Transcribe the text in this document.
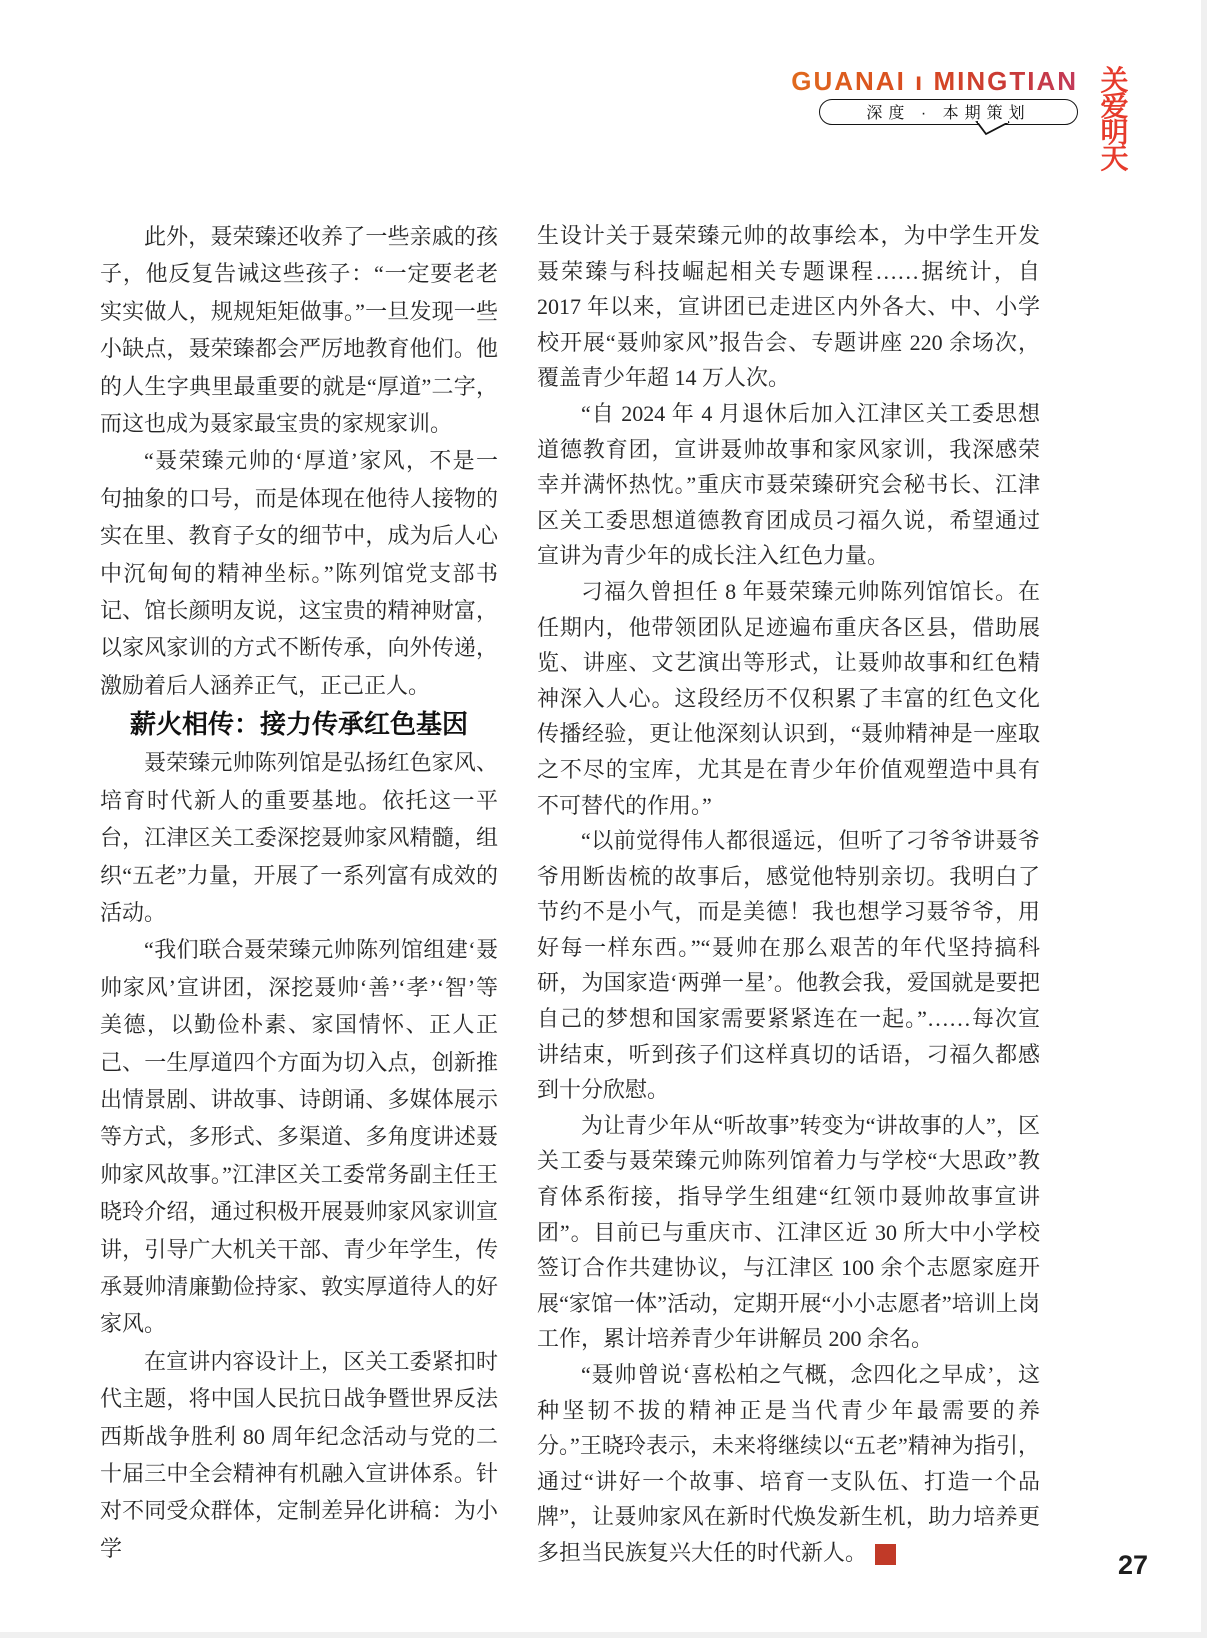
GUANAI ı MINGTIAN
深度 · 本期策划
关爱
明天

此外，聂荣臻还收养了一些亲戚的孩子，他反复告诫这些孩子：“一定要老老实实做人，规规矩矩做事。”一旦发现一些小缺点，聂荣臻都会严厉地教育他们。他的人生字典里最重要的就是“厚道”二字，而这也成为聂家最宝贵的家规家训。

“聂荣臻元帅的‘厚道’家风，不是一句抽象的口号，而是体现在他待人接物的实在里、教育子女的细节中，成为后人心中沉甸甸的精神坐标。”陈列馆党支部书记、馆长颜明友说，这宝贵的精神财富，以家风家训的方式不断传承，向外传递，激励着后人涵养正气，正己正人。

薪火相传：接力传承红色基因

聂荣臻元帅陈列馆是弘扬红色家风、培育时代新人的重要基地。依托这一平台，江津区关工委深挖聂帅家风精髓，组织“五老”力量，开展了一系列富有成效的活动。

“我们联合聂荣臻元帅陈列馆组建‘聂帅家风’宣讲团，深挖聂帅‘善’‘孝’‘智’等美德，以勤俭朴素、家国情怀、正人正己、一生厚道四个方面为切入点，创新推出情景剧、讲故事、诗朗诵、多媒体展示等方式，多形式、多渠道、多角度讲述聂帅家风故事。”江津区关工委常务副主任王晓玲介绍，通过积极开展聂帅家风家训宣讲，引导广大机关干部、青少年学生，传承聂帅清廉勤俭持家、敦实厚道待人的好家风。

在宣讲内容设计上，区关工委紧扣时代主题，将中国人民抗日战争暨世界反法西斯战争胜利 80 周年纪念活动与党的二十届三中全会精神有机融入宣讲体系。针对不同受众群体，定制差异化讲稿：为小学

生设计关于聂荣臻元帅的故事绘本，为中学生开发聂荣臻与科技崛起相关专题课程……据统计，自 2017 年以来，宣讲团已走进区内外各大、中、小学校开展“聂帅家风”报告会、专题讲座 220 余场次，覆盖青少年超 14 万人次。

“自 2024 年 4 月退休后加入江津区关工委思想道德教育团，宣讲聂帅故事和家风家训，我深感荣幸并满怀热忱。”重庆市聂荣臻研究会秘书长、江津区关工委思想道德教育团成员刁福久说，希望通过宣讲为青少年的成长注入红色力量。

刁福久曾担任 8 年聂荣臻元帅陈列馆馆长。在任期内，他带领团队足迹遍布重庆各区县，借助展览、讲座、文艺演出等形式，让聂帅故事和红色精神深入人心。这段经历不仅积累了丰富的红色文化传播经验，更让他深刻认识到，“聂帅精神是一座取之不尽的宝库，尤其是在青少年价值观塑造中具有不可替代的作用。”

“以前觉得伟人都很遥远，但听了刁爷爷讲聂爷爷用断齿梳的故事后，感觉他特别亲切。我明白了节约不是小气，而是美德！我也想学习聂爷爷，用好每一样东西。”“聂帅在那么艰苦的年代坚持搞科研，为国家造‘两弹一星’。他教会我，爱国就是要把自己的梦想和国家需要紧紧连在一起。”……每次宣讲结束，听到孩子们这样真切的话语，刁福久都感到十分欣慰。

为让青少年从“听故事”转变为“讲故事的人”，区关工委与聂荣臻元帅陈列馆着力与学校“大思政”教育体系衔接，指导学生组建“红领巾聂帅故事宣讲团”。目前已与重庆市、江津区近 30 所大中小学校签订合作共建协议，与江津区 100 余个志愿家庭开展“家馆一体”活动，定期开展“小小志愿者”培训上岗工作，累计培养青少年讲解员 200 余名。

“聂帅曾说‘喜松柏之气概，念四化之早成’，这种坚韧不拔的精神正是当代青少年最需要的养分。”王晓玲表示，未来将继续以“五老”精神为指引，通过“讲好一个故事、培育一支队伍、打造一个品牌”，让聂帅家风在新时代焕发新生机，助力培养更多担当民族复兴大任的时代新人。	关	27
